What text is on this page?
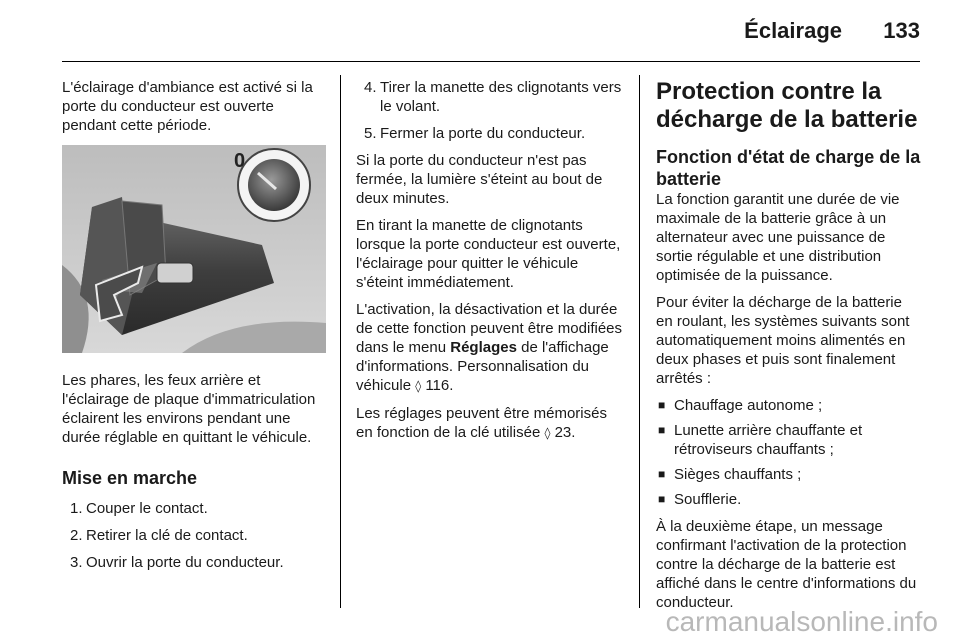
Éclairage 133

L'éclairage d'ambiance est activé si la porte du conducteur est ouverte pendant cette période.

0

Les phares, les feux arrière et l'éclairage de plaque d'immatriculation éclairent les environs pendant une durée réglable en quittant le véhicule.

Mise en marche
1. Couper le contact.
2. Retirer la clé de contact.
3. Ouvrir la porte du conducteur.
4. Tirer la manette des clignotants vers le volant.
5. Fermer la porte du conducteur.

Si la porte du conducteur n'est pas fermée, la lumière s'éteint au bout de deux minutes.

En tirant la manette de clignotants lorsque la porte conducteur est ouverte, l'éclairage pour quitter le véhicule s'éteint immédiatement.

L'activation, la désactivation et la durée de cette fonction peuvent être modifiées dans le menu Réglages de l'affichage d'informations. Personnalisation du véhicule ◊ 116.

Les réglages peuvent être mémorisés en fonction de la clé utilisée ◊ 23.

Protection contre la décharge de la batterie
Fonction d'état de charge de la batterie

La fonction garantit une durée de vie maximale de la batterie grâce à un alternateur avec une puissance de sortie régulable et une distribution optimisée de la puissance.

Pour éviter la décharge de la batterie en roulant, les systèmes suivants sont automatiquement moins alimentés en deux phases et puis sont finalement arrêtés :

■ Chauffage autonome ;
■ Lunette arrière chauffante et rétroviseurs chauffants ;
■ Sièges chauffants ;
■ Soufflerie.

À la deuxième étape, un message confirmant l'activation de la protection contre la décharge de la batterie est affiché dans le centre d'informations du conducteur.

carmanualsonline.info
